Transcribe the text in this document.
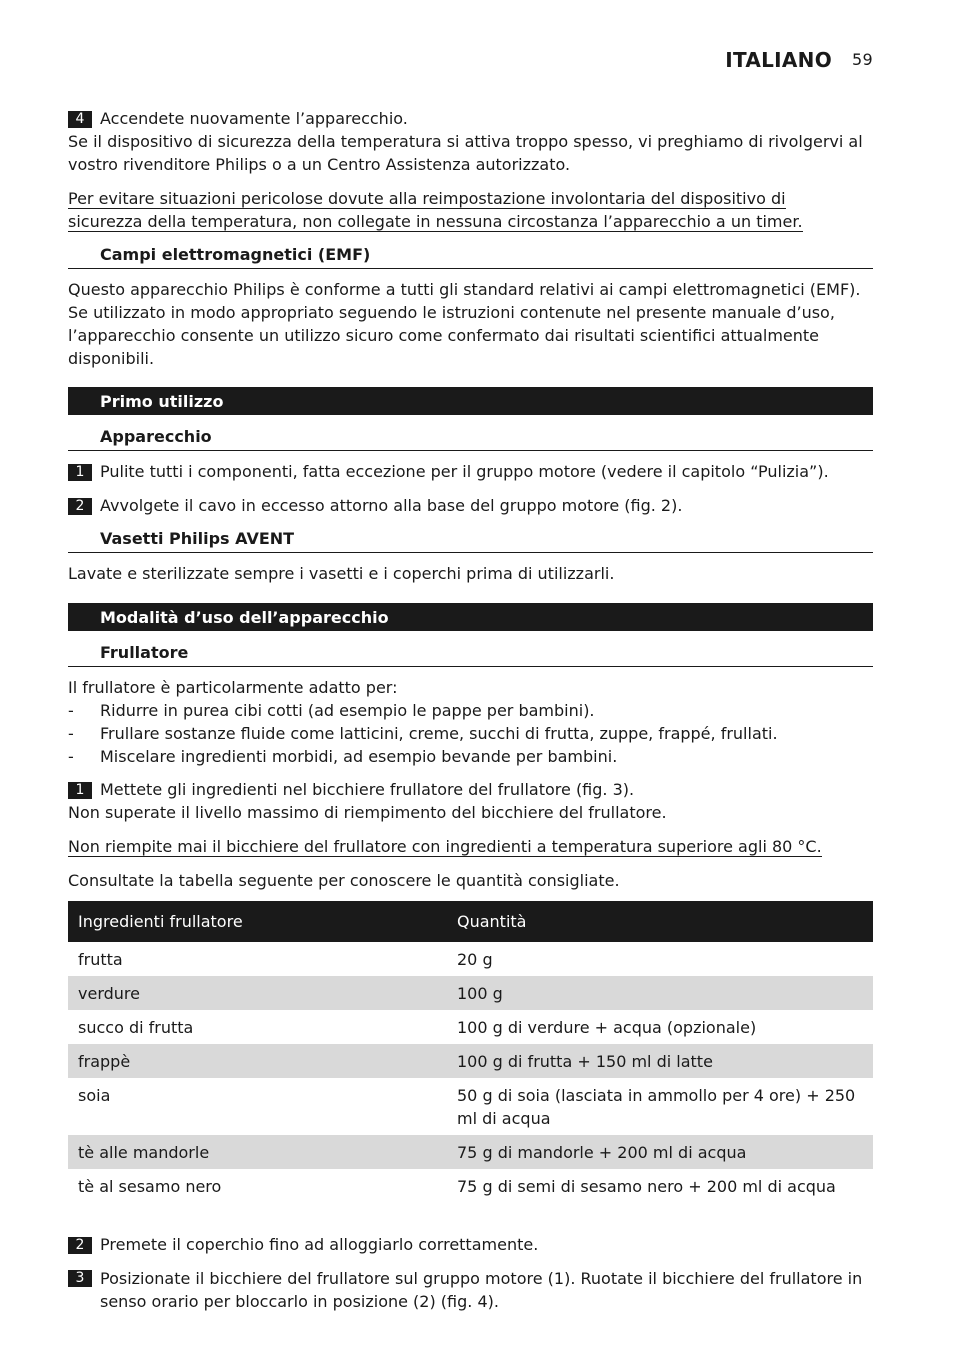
ITALIANO 59
4 Accendete nuovamente l’apparecchio.
Se il dispositivo di sicurezza della temperatura si attiva troppo spesso, vi preghiamo di rivolgervi al vostro rivenditore Philips o a un Centro Assistenza autorizzato.
Per evitare situazioni pericolose dovute alla reimpostazione involontaria del dispositivo di
sicurezza della temperatura, non collegate in nessuna circostanza l’apparecchio a un timer.
Campi elettromagnetici (EMF)
Questo apparecchio Philips è conforme a tutti gli standard relativi ai campi elettromagnetici (EMF). Se utilizzato in modo appropriato seguendo le istruzioni contenute nel presente manuale d’uso, l’apparecchio consente un utilizzo sicuro come confermato dai risultati scientifici attualmente disponibili.
Primo utilizzo
Apparecchio
1 Pulite tutti i componenti, fatta eccezione per il gruppo motore (vedere il capitolo “Pulizia”).
2 Avvolgete il cavo in eccesso attorno alla base del gruppo motore (fig. 2).
Vasetti Philips AVENT
Lavate e sterilizzate sempre i vasetti e i coperchi prima di utilizzarli.
Modalità d’uso dell’apparecchio
Frullatore
Il frullatore è particolarmente adatto per:
- Ridurre in purea cibi cotti (ad esempio le pappe per bambini).
- Frullare sostanze fluide come latticini, creme, succhi di frutta, zuppe, frappé, frullati.
- Miscelare ingredienti morbidi, ad esempio bevande per bambini.
1 Mettete gli ingredienti nel bicchiere frullatore del frullatore (fig. 3).
Non superate il livello massimo di riempimento del bicchiere del frullatore.
Non riempite mai il bicchiere del frullatore con ingredienti a temperatura superiore agli 80 °C.
Consultate la tabella seguente per conoscere le quantità consigliate.
Ingredienti frullatore	Quantità
frutta	20 g
verdure	100 g
succo di frutta	100 g di verdure + acqua (opzionale)
frappè	100 g di frutta + 150 ml di latte
soia	50 g di soia (lasciata in ammollo per 4 ore) + 250 ml di acqua
tè alle mandorle	75 g di mandorle + 200 ml di acqua
tè al sesamo nero	75 g di semi di sesamo nero + 200 ml di acqua
2 Premete il coperchio fino ad alloggiarlo correttamente.
3 Posizionate il bicchiere del frullatore sul gruppo motore (1). Ruotate il bicchiere del frullatore in senso orario per bloccarlo in posizione (2) (fig. 4).
